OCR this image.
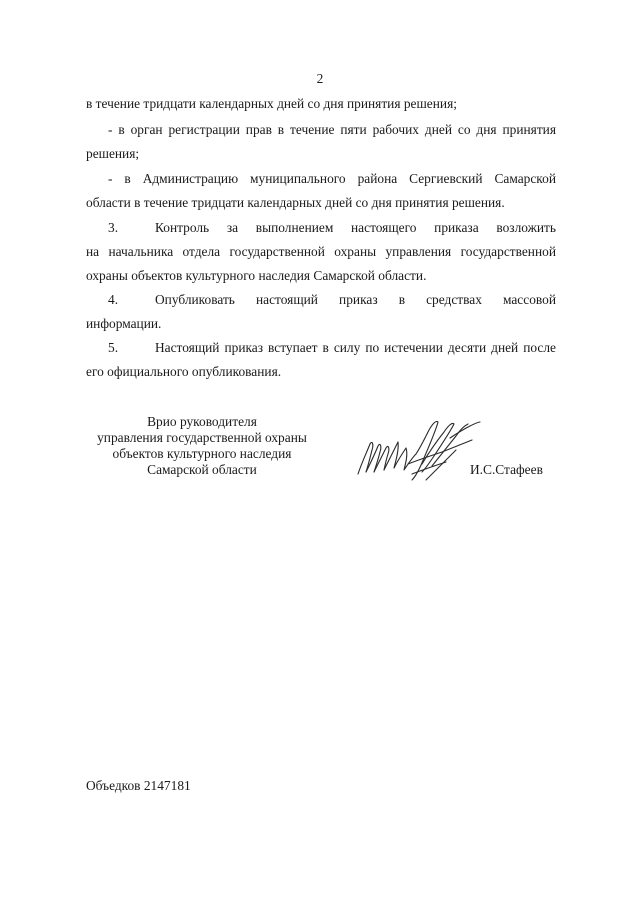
2
в течение тридцати календарных дней со дня принятия решения;
- в орган регистрации прав в течение пяти рабочих дней со дня принятия
решения;
- в Администрацию муниципального района Сергиевский Самарской
области в течение тридцати календарных дней со дня принятия решения.
3.	Контроль за выполнением настоящего приказа возложить
на начальника отдела государственной охраны управления государственной
охраны объектов культурного наследия Самарской области.
4.	Опубликовать настоящий приказ в средствах массовой
информации.
5.	Настоящий приказ вступает в силу по истечении десяти дней после
его официального опубликования.
Врио руководителя
управления государственной охраны
объектов культурного наследия
Самарской области	И.С.Стафеев
Объедков 2147181
